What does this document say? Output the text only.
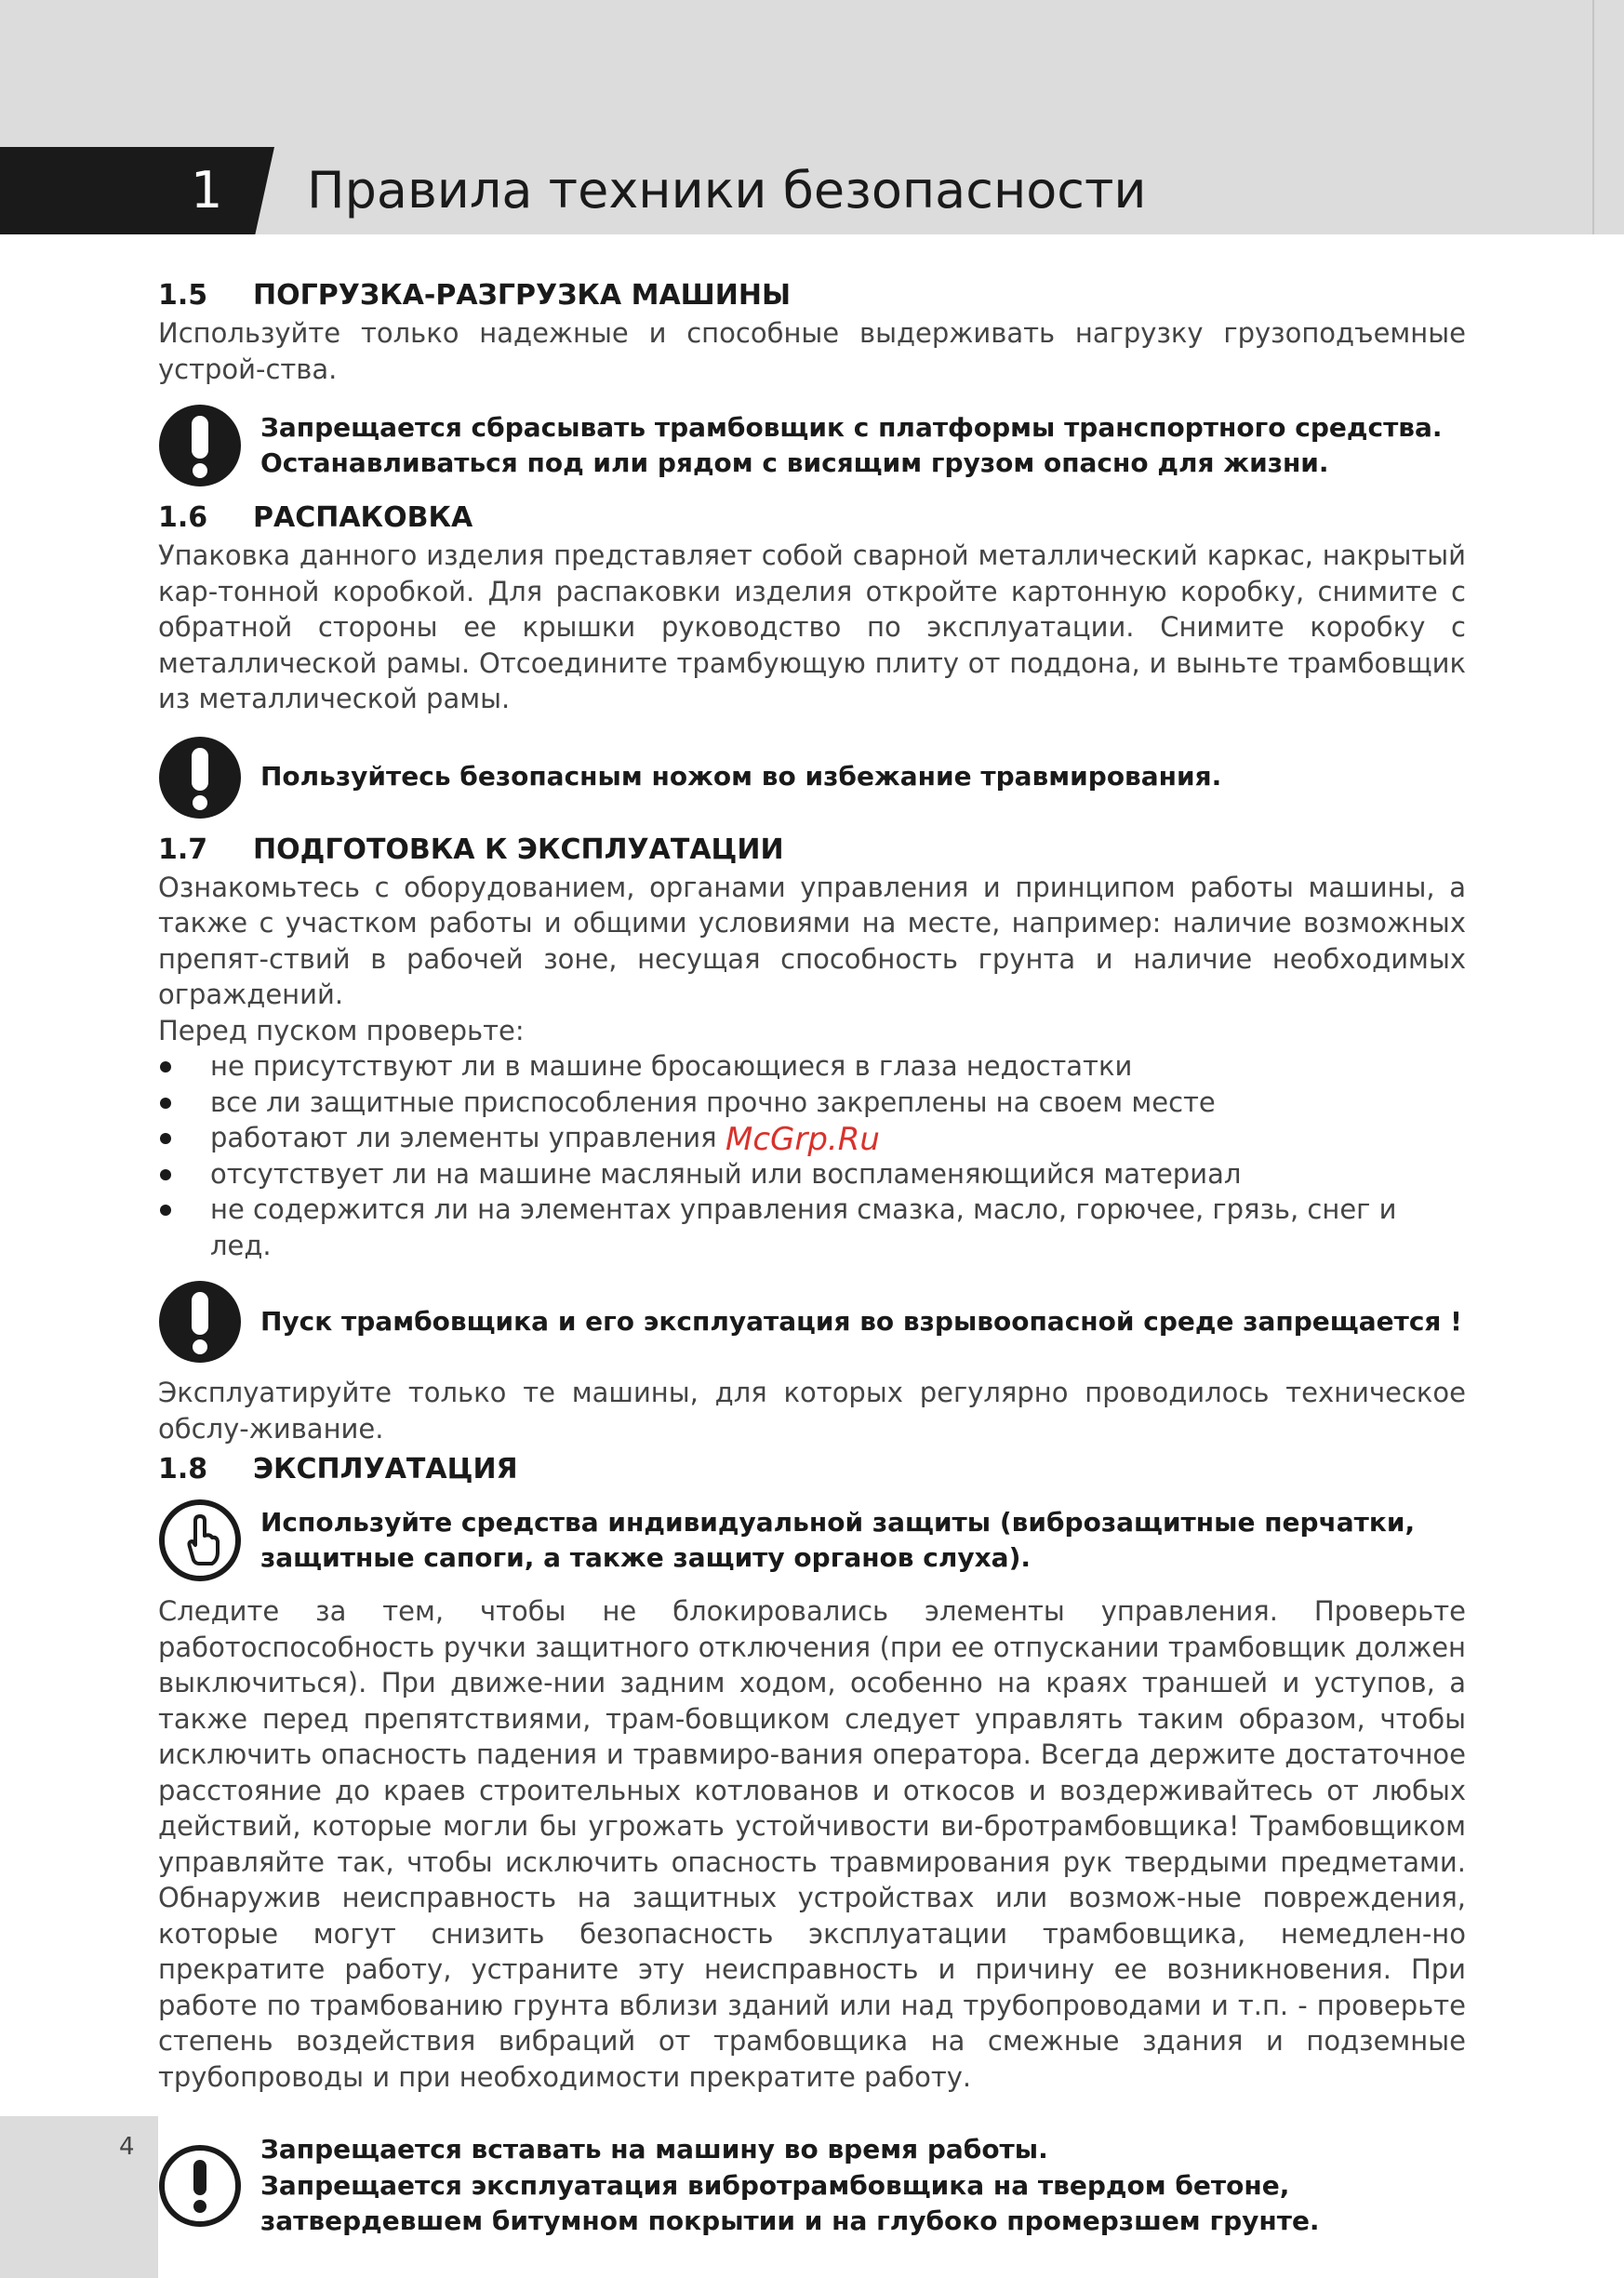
1 Правила техники безопасности
1.5 ПОГРУЗКА-РАЗГРУЗКА МАШИНЫ

Используйте только надежные и способные выдерживать нагрузку грузоподъемные устрой-ства.

Запрещается сбрасывать трамбовщик с платформы транспортного средства.
Останавливаться под или рядом с висящим грузом опасно для жизни.
1.6 РАСПАКОВКА

Упаковка данного изделия представляет собой сварной металлический каркас, накрытый кар-тонной коробкой. Для распаковки изделия откройте картонную коробку, снимите с обратной стороны ее крышки руководство по эксплуатации. Снимите коробку с металлической рамы. Отсоедините трамбующую плиту от поддона, и выньте трамбовщик из металлической рамы.

Пользуйтесь безопасным ножом во избежание травмирования.
1.7 ПОДГОТОВКА К ЭКСПЛУАТАЦИИ

Ознакомьтесь с оборудованием, органами управления и принципом работы машины, а также с участком работы и общими условиями на месте, например: наличие возможных препят-ствий в рабочей зоне, несущая способность грунта и наличие необходимых ограждений.

Перед пуском проверьте:

не присутствуют ли в машине бросающиеся в глаза недостатки
все ли защитные приспособления прочно закреплены на своем месте
работают ли элементы управления
отсутствует ли на машине масляный или воспламеняющийся материал
не содержится ли на элементах управления смазка, масло, горючее, грязь, снег и лед.
Пуск трамбовщика и его эксплуатация во взрывоопасной среде запрещается !

Эксплуатируйте только те машины, для которых регулярно проводилось техническое обслу-живание.

1.8 ЭКСПЛУАТАЦИЯ
Используйте средства индивидуальной защиты (виброзащитные перчатки,
защитные сапоги, а также защиту органов слуха).

Следите за тем, чтобы не блокировались элементы управления. Проверьте работоспособность ручки защитного отключения (при ее отпускании трамбовщик должен выключиться). При движе-нии задним ходом, особенно на краях траншей и уступов, а также перед препятствиями, трам-бовщиком следует управлять таким образом, чтобы исключить опасность падения и травмиро-вания оператора. Всегда держите достаточное расстояние до краев строительных котлованов и откосов и воздерживайтесь от любых действий, которые могли бы угрожать устойчивости ви-бротрамбовщика! Трамбовщиком управляйте так, чтобы исключить опасность травмирования рук твердыми предметами. Обнаружив неисправность на защитных устройствах или возмож-ные повреждения, которые могут снизить безопасность эксплуатации трамбовщика, немедлен-но прекратите работу, устраните эту неисправность и причину ее возникновения. При работе по трамбованию грунта вблизи зданий или над трубопроводами и т.п. - проверьте степень воздействия вибраций от трамбовщика на смежные здания и подземные трубопроводы и при необходимости прекратите работу.

Запрещается вставать на машину во время работы.
Запрещается эксплуатация вибротрамбовщика на твердом бетоне,
затвердевшем битумном покрытии и на глубоко промерзшем грунте.
McGrp.Ru
4
